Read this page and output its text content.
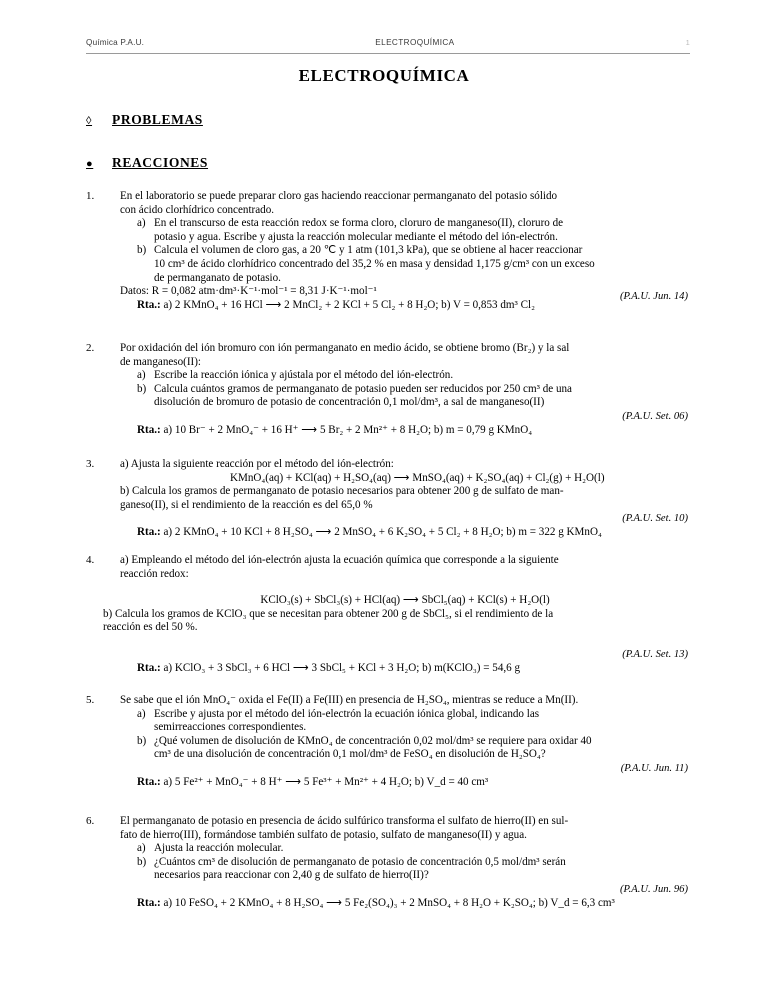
Química P.A.U.	ELECTROQUÍMICA	1
ELECTROQUÍMICA
◊	PROBLEMAS
●	REACCIONES
1.	En el laboratorio se puede preparar cloro gas haciendo reaccionar permanganato del potasio sólido
con ácido clorhídrico concentrado.
a) En el transcurso de esta reacción redox se forma cloro, cloruro de manganeso(II), cloruro de
potasio y agua. Escribe y ajusta la reacción molecular mediante el método del ión-electrón.
b) Calcula el volumen de cloro gas, a 20 ℃ y 1 atm (101,3 kPa), que se obtiene al hacer reaccionar
10 cm³ de ácido clorhídrico concentrado del 35,2 % en masa y densidad 1,175 g/cm³ con un exceso
de permanganato de potasio.
Datos: R = 0,082 atm·dm³·K⁻¹·mol⁻¹ = 8,31 J·K⁻¹·mol⁻¹
Rta.: a) 2 KMnO₄ + 16 HCl ⟶ 2 MnCl₂ + 2 KCl + 5 Cl₂ + 8 H₂O; b) V = 0,853 dm³ Cl₂
(P.A.U. Jun. 14)
2.	Por oxidación del ión bromuro con ión permanganato en medio ácido, se obtiene bromo (Br₂) y la sal
de manganeso(II):
a) Escribe la reacción iónica y ajústala por el método del ión-electrón.
b) Calcula cuántos gramos de permanganato de potasio pueden ser reducidos por 250 cm³ de una
disolución de bromuro de potasio de concentración 0,1 mol/dm³, a sal de manganeso(II)
(P.A.U. Set. 06)
Rta.: a) 10 Br⁻ + 2 MnO₄⁻ + 16 H⁺ ⟶ 5 Br₂ + 2 Mn²⁺ + 8 H₂O; b) m = 0,79 g KMnO₄
3.	a) Ajusta la siguiente reacción por el método del ión-electrón:
KMnO₄(aq) + KCl(aq) + H₂SO₄(aq) ⟶ MnSO₄(aq) + K₂SO₄(aq) + Cl₂(g) + H₂O(l)
b) Calcula los gramos de permanganato de potasio necesarios para obtener 200 g de sulfato de man-
ganeso(II), si el rendimiento de la reacción es del 65,0 %
(P.A.U. Set. 10)
Rta.: a) 2 KMnO₄ + 10 KCl + 8 H₂SO₄ ⟶ 2 MnSO₄ + 6 K₂SO₄ + 5 Cl₂ + 8 H₂O; b) m = 322 g KMnO₄
4.	a) Empleando el método del ión-electrón ajusta la ecuación química que corresponde a la siguiente
reacción redox:
KClO₃(s) + SbCl₃(s) + HCl(aq) ⟶ SbCl₅(aq) + KCl(s) + H₂O(l)
b) Calcula los gramos de KClO₃ que se necesitan para obtener 200 g de SbCl₅, si el rendimiento de la
reacción es del 50 %.
(P.A.U. Set. 13)
Rta.: a) KClO₃ + 3 SbCl₃ + 6 HCl ⟶ 3 SbCl₅ + KCl + 3 H₂O; b) m(KClO₃) = 54,6 g
5.	Se sabe que el ión MnO₄⁻ oxida el Fe(II) a Fe(III) en presencia de H₂SO₄, mientras se reduce a Mn(II).
a) Escribe y ajusta por el método del ión-electrón la ecuación iónica global, indicando las
semirreacciones correspondientes.
b) ¿Qué volumen de disolución de KMnO₄ de concentración 0,02 mol/dm³ se requiere para oxidar 40
cm³ de una disolución de concentración 0,1 mol/dm³ de FeSO₄ en disolución de H₂SO₄?
(P.A.U. Jun. 11)
Rta.: a) 5 Fe²⁺ + MnO₄⁻ + 8 H⁺ ⟶ 5 Fe³⁺ + Mn²⁺ + 4 H₂O; b) V_d = 40 cm³
6.	El permanganato de potasio en presencia de ácido sulfúrico transforma el sulfato de hierro(II) en sul-
fato de hierro(III), formándose también sulfato de potasio, sulfato de manganeso(II) y agua.
a) Ajusta la reacción molecular.
b) ¿Cuántos cm³ de disolución de permanganato de potasio de concentración 0,5 mol/dm³ serán
necesarios para reaccionar con 2,40 g de sulfato de hierro(II)?
(P.A.U. Jun. 96)
Rta.: a) 10 FeSO₄ + 2 KMnO₄ + 8 H₂SO₄ ⟶ 5 Fe₂(SO₄)₃ + 2 MnSO₄ + 8 H₂O + K₂SO₄; b) V_d = 6,3 cm³
